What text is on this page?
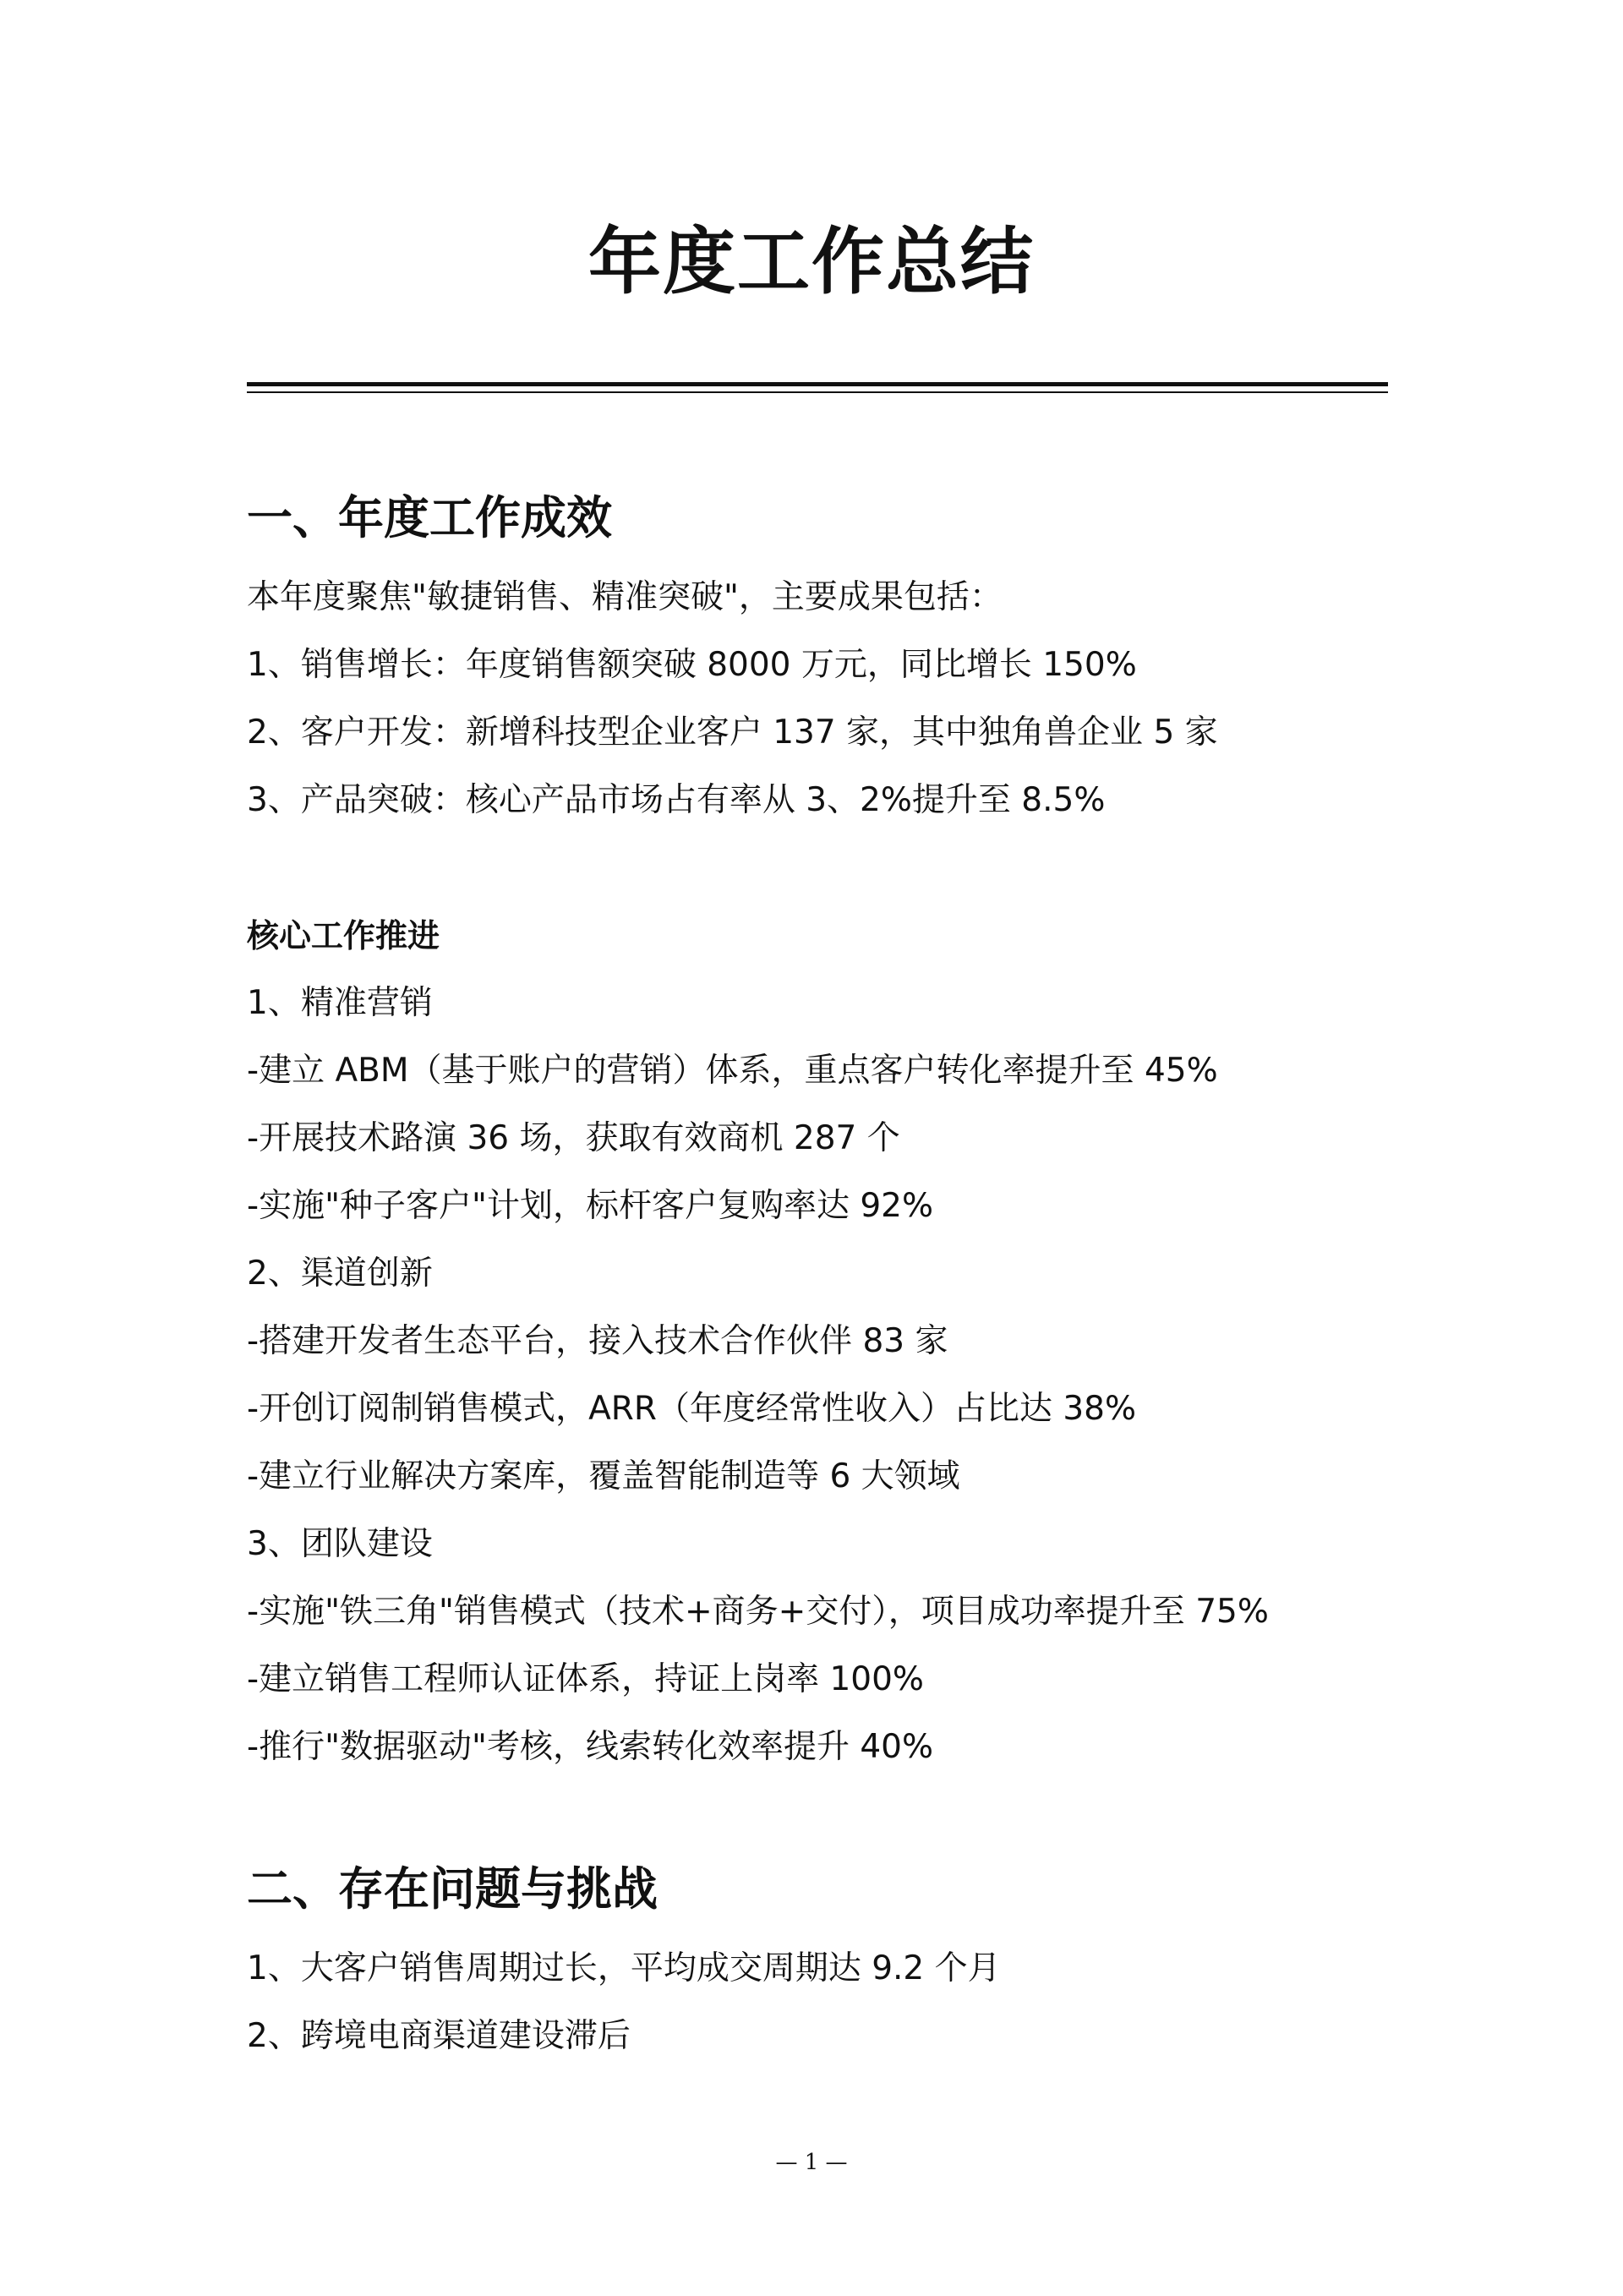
年度工作总结
一、年度工作成效
本年度聚焦"敏捷销售、精准突破"，主要成果包括：
1、销售增长：年度销售额突破 8000 万元，同比增长 150%
2、客户开发：新增科技型企业客户 137 家，其中独角兽企业 5 家
3、产品突破：核心产品市场占有率从 3、2%提升至 8.5%
核心工作推进
1、精准营销
-建立 ABM（基于账户的营销）体系，重点客户转化率提升至 45%
-开展技术路演 36 场，获取有效商机 287 个
-实施"种子客户"计划，标杆客户复购率达 92%
2、渠道创新
-搭建开发者生态平台，接入技术合作伙伴 83 家
-开创订阅制销售模式，ARR（年度经常性收入）占比达 38%
-建立行业解决方案库，覆盖智能制造等 6 大领域
3、团队建设
-实施"铁三角"销售模式（技术+商务+交付），项目成功率提升至 75%
-建立销售工程师认证体系，持证上岗率 100%
-推行"数据驱动"考核，线索转化效率提升 40%
二、存在问题与挑战
1、大客户销售周期过长，平均成交周期达 9.2 个月
2、跨境电商渠道建设滞后
— 1 —
